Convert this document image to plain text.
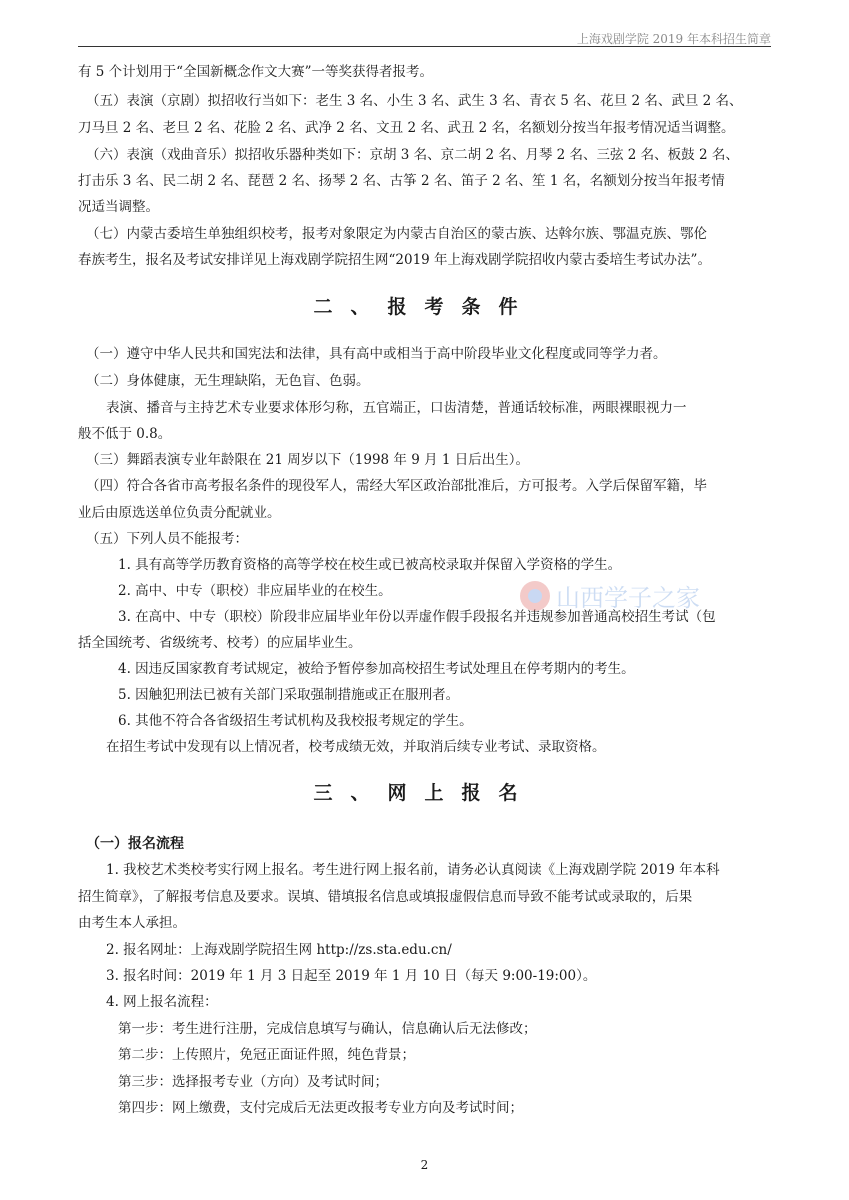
上海戏剧学院 2019 年本科招生简章
有 5 个计划用于“全国新概念作文大赛”一等奖获得者报考。
（五）表演（京剧）拟招收行当如下：老生 3 名、小生 3 名、武生 3 名、青衣 5 名、花旦 2 名、武旦 2 名、
刀马旦 2 名、老旦 2 名、花脸 2 名、武净 2 名、文丑 2 名、武丑 2 名，名额划分按当年报考情况适当调整。
（六）表演（戏曲音乐）拟招收乐器种类如下：京胡 3 名、京二胡 2 名、月琴 2 名、三弦 2 名、板鼓 2 名、
打击乐 3 名、民二胡 2 名、琵琶 2 名、扬琴 2 名、古筝 2 名、笛子 2 名、笙 1 名，名额划分按当年报考情
况适当调整。
（七）内蒙古委培生单独组织校考，报考对象限定为内蒙古自治区的蒙古族、达斡尔族、鄂温克族、鄂伦
春族考生，报名及考试安排详见上海戏剧学院招生网“2019 年上海戏剧学院招收内蒙古委培生考试办法”。
二、报考条件
（一）遵守中华人民共和国宪法和法律，具有高中或相当于高中阶段毕业文化程度或同等学力者。
（二）身体健康，无生理缺陷，无色盲、色弱。
表演、播音与主持艺术专业要求体形匀称，五官端正，口齿清楚，普通话较标准，两眼裸眼视力一
般不低于 0.8。
（三）舞蹈表演专业年龄限在 21 周岁以下（1998 年 9 月 1 日后出生）。
（四）符合各省市高考报名条件的现役军人，需经大军区政治部批准后，方可报考。入学后保留军籍，毕
业后由原选送单位负责分配就业。
（五）下列人员不能报考：
1. 具有高等学历教育资格的高等学校在校生或已被高校录取并保留入学资格的学生。
2. 高中、中专（职校）非应届毕业的在校生。
3. 在高中、中专（职校）阶段非应届毕业年份以弄虚作假手段报名并违规参加普通高校招生考试（包
括全国统考、省级统考、校考）的应届毕业生。
4. 因违反国家教育考试规定，被给予暂停参加高校招生考试处理且在停考期内的考生。
5. 因触犯刑法已被有关部门采取强制措施或正在服刑者。
6. 其他不符合各省级招生考试机构及我校报考规定的学生。
在招生考试中发现有以上情况者，校考成绩无效，并取消后续专业考试、录取资格。
三、网上报名
（一）报名流程
1. 我校艺术类校考实行网上报名。考生进行网上报名前，请务必认真阅读《上海戏剧学院 2019 年本科
招生简章》，了解报考信息及要求。误填、错填报名信息或填报虚假信息而导致不能考试或录取的，后果
由考生本人承担。
2. 报名网址：上海戏剧学院招生网 http://zs.sta.edu.cn/
3. 报名时间：2019 年 1 月 3 日起至 2019 年 1 月 10 日（每天 9:00-19:00）。
4. 网上报名流程：
第一步：考生进行注册，完成信息填写与确认，信息确认后无法修改；
第二步：上传照片，免冠正面证件照，纯色背景；
第三步：选择报考专业（方向）及考试时间；
第四步：网上缴费，支付完成后无法更改报考专业方向及考试时间；
山西学子之家
2
